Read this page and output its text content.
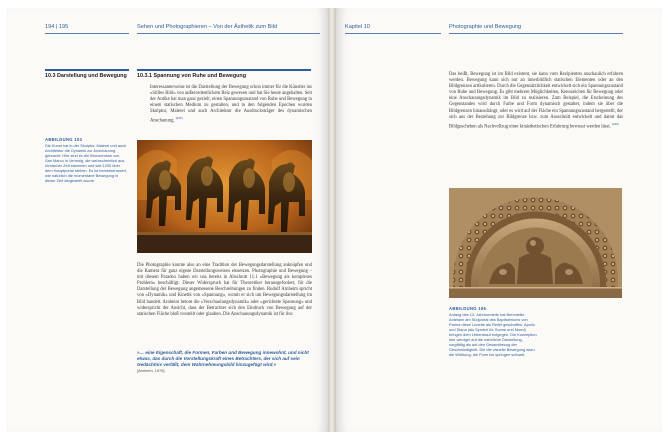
194 | 195	Sehen und Photographieren – Von der Ästhetik zum Bild
10.3 Darstellung und Bewegung	10.3.1 Spannung von Ruhe und Bewegung
Interessanterweise ist die Darstellung der Bewegung schon immer für die Künstler ins »Stilles Bild« von außerordentlichem Reiz gewesen und hat Sie heute angehalten. Seit der Antike hat man ganz gezielt, einen Spannungszustand von Ruhe und Bewegung in einem statischen Medium zu gestalten, und in den folgenden Epochen wurden Skulptur, Malerei und auch Architektur die Ausdrucksträger des dynamischen Anschauung. [245]
ABBILDUNG 103
Die Kunst hat in der Skulptur, Malerei und auch Architektur die Dynamik zur Anschauung gebracht: Hier sind es die Bronzerosse von San Marco in Venedig, die wahrscheinlich aus römischer Zeit stammen und seit 1250 über dem Hauptportal stehen. Es ist bemerkenswert, wie natürlich die momentane Bewegung in dieser Zeit dargestellt wurde.
Die Photographie konnte also an eine Tradition der Bewegungsdarstellung anknüpfen und die Kamera für ganz eigene Darstellungsweisen einsetzen. Photographie und Bewegung – mit diesem Paradox haben wir uns bereits in Abschnitt 11.1 »Bewegung als komplexes Problem« beschäftigt. Dieser Widerspruch hat für Theoretiker herausgefordert, für die Darstellung der Bewegung angemessene Beschreibungen zu finden. Rudolf Arnheim spricht von »Dynamik« und Kinetik von »Spannung«, womit er sich um Bewegungsdarstellung im Bild handelt. Arnheim betont die »Verschaulungsdynamik« oder »gerichtete Spannung« und widerspricht der Ansicht, dass der Betrachter sich den Eindruck von Bewegung auf der statischen Fläche bloß vorstellt oder glauben. Die Anschauungsdynamik ist für ihn:
»… eine Eigenschaft, die Formen, Farben und Bewegung innewohnt, und nicht etwas, das durch die Vorstellungskraft eines Betrachters, der sich auf sein Gedächtnis verläßt, dem Wahrnehmungsbild hinzugefügt wird.«
[Arnheim, 1978]
Kapitel 10	Photographie und Bewegung
Das heißt, Bewegung ist im Bild existent, sie kann vom Rezipienten anschaulich erfahren werden. Bewegung kann sich nur an innerbildlich statischen Elementen oder an den Bildgrenzen artikulieren. Durch die Gegensätzlichkeit entwickelt sich ein Spannungszustand von Ruhe und Bewegung. Es gibt mehrere Möglichkeiten, Kennzeichen für Bewegung oder eine Anschauungsdynamik im Bild zu realisieren. Zum Beispiel, die Erscheinung des Gegenstandes wird durch Farbe und Form dynamisch gestaltet, indem sie über die Bildgrenzen hinausdrängt, oder es wird auf der Fläche ein Spannungszustand hergestellt, der sich aus der Beziehung zur Bildgrenze bzw. zum Ausschnitt entwickelt und damit das Bildgeschehen als Nachvollzug einer kinästhetischen Erfahrung bewusst werden lässt. [246]
ABBILDUNG 106
Anfang des 13. Jahrhunderts hat Benedetto Antelami am Südportal des Baptisteriums von Parma diese Lunette als Relief geschaffen. Apollo und Diana (als Symbol für Sonne und Mond) bringen dem Lebenslauf entgegen. Die Konzeption hier weniger auf die natürliche Darstellung, sorgfältig als auf den Gesamtbezug der Geschwindigkeit. Die die visuelle Bewegung dazu die Wölbung, die Form ins springen schwelt.
